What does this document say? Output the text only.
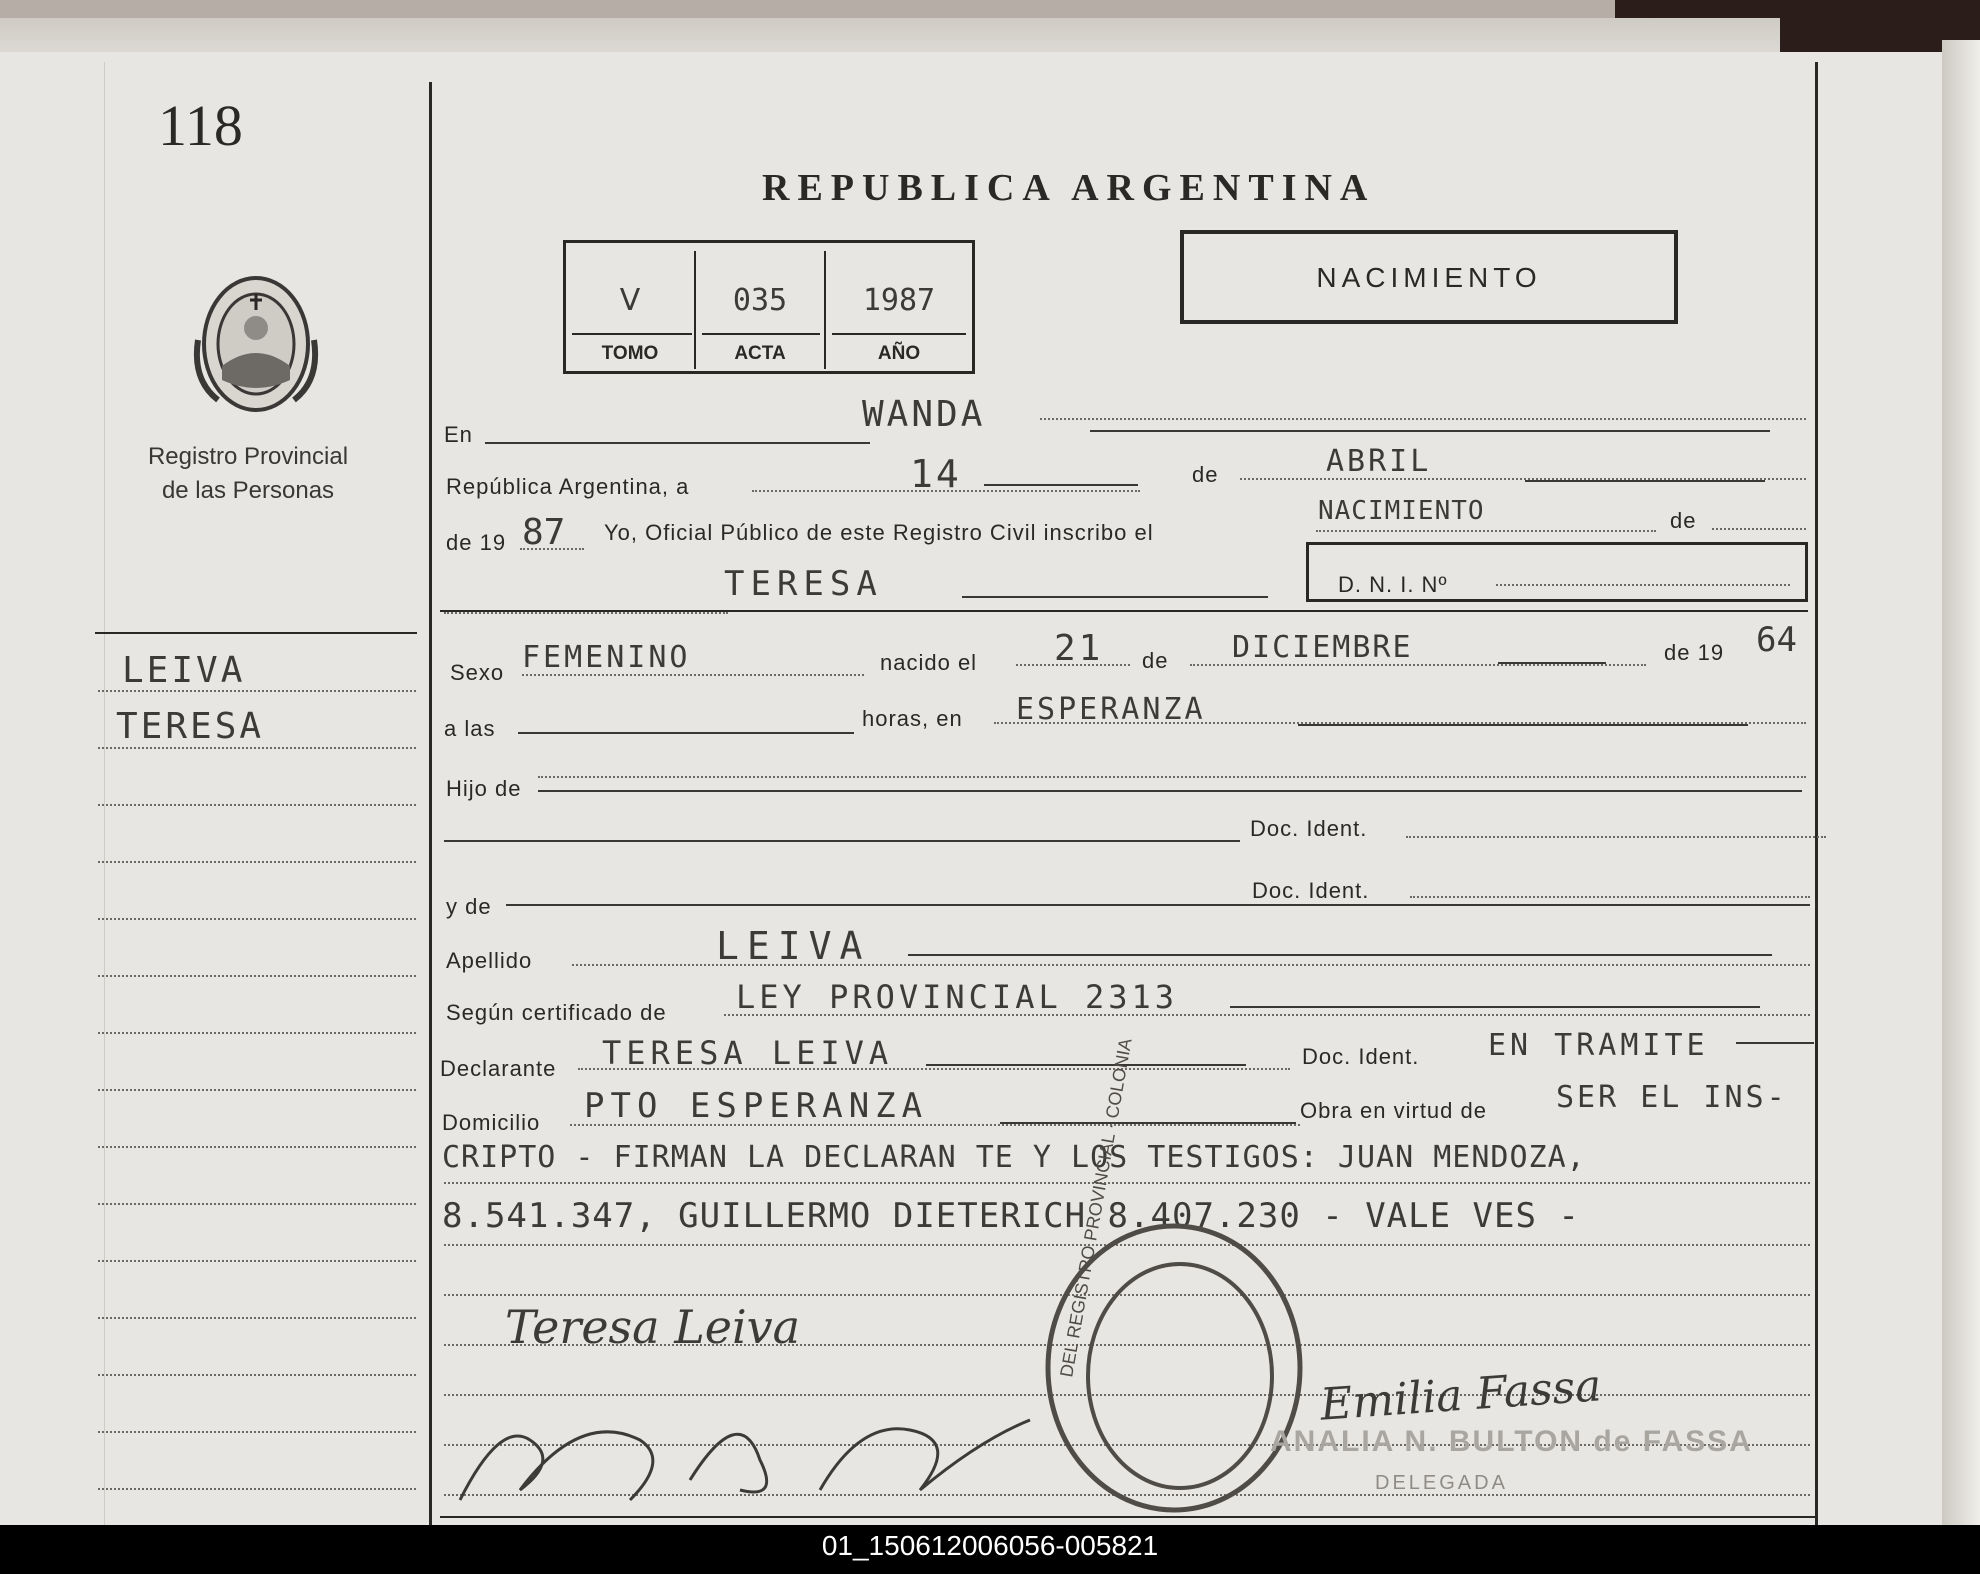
118
REPUBLICA ARGENTINA
Registro Provincial
de las Personas
Ⅴ	035	1987
TOMO	ACTA	AÑO
NACIMIENTO
LEIVA
TERESA
En	WANDA
República Argentina, a	14	de	ABRIL
de 19 87 Yo, Oficial Público de este Registro Civil inscribo el
NACIMIENTO	de
TERESA	D. N. I. Nº
Sexo FEMENINO	nacido el 21 de DICIEMBRE	de 19 64
a las	horas, en ESPERANZA
Hijo de
Doc. Ident.
y de
Doc. Ident.
Apellido	LEIVA
Según certificado de LEY PROVINCIAL 2313
Declarante TERESA LEIVA	Doc. Ident. EN TRAMITE
Domicilio PTO ESPERANZA	Obra en virtud de SER EL INS-
CRIPTO - FIRMAN LA DECLARAN TE Y LOS TESTIGOS: JUAN MENDOZA,
8.541.347, GUILLERMO DIETERICH 8.407.230 - VALE VES -
DEL REGISTRO PROVINCIAL · COLONIA
Teresa Leiva
Emilia Fassa
ANALIA N. BULTON de FASSA
DELEGADA
01_150612006056-005821
